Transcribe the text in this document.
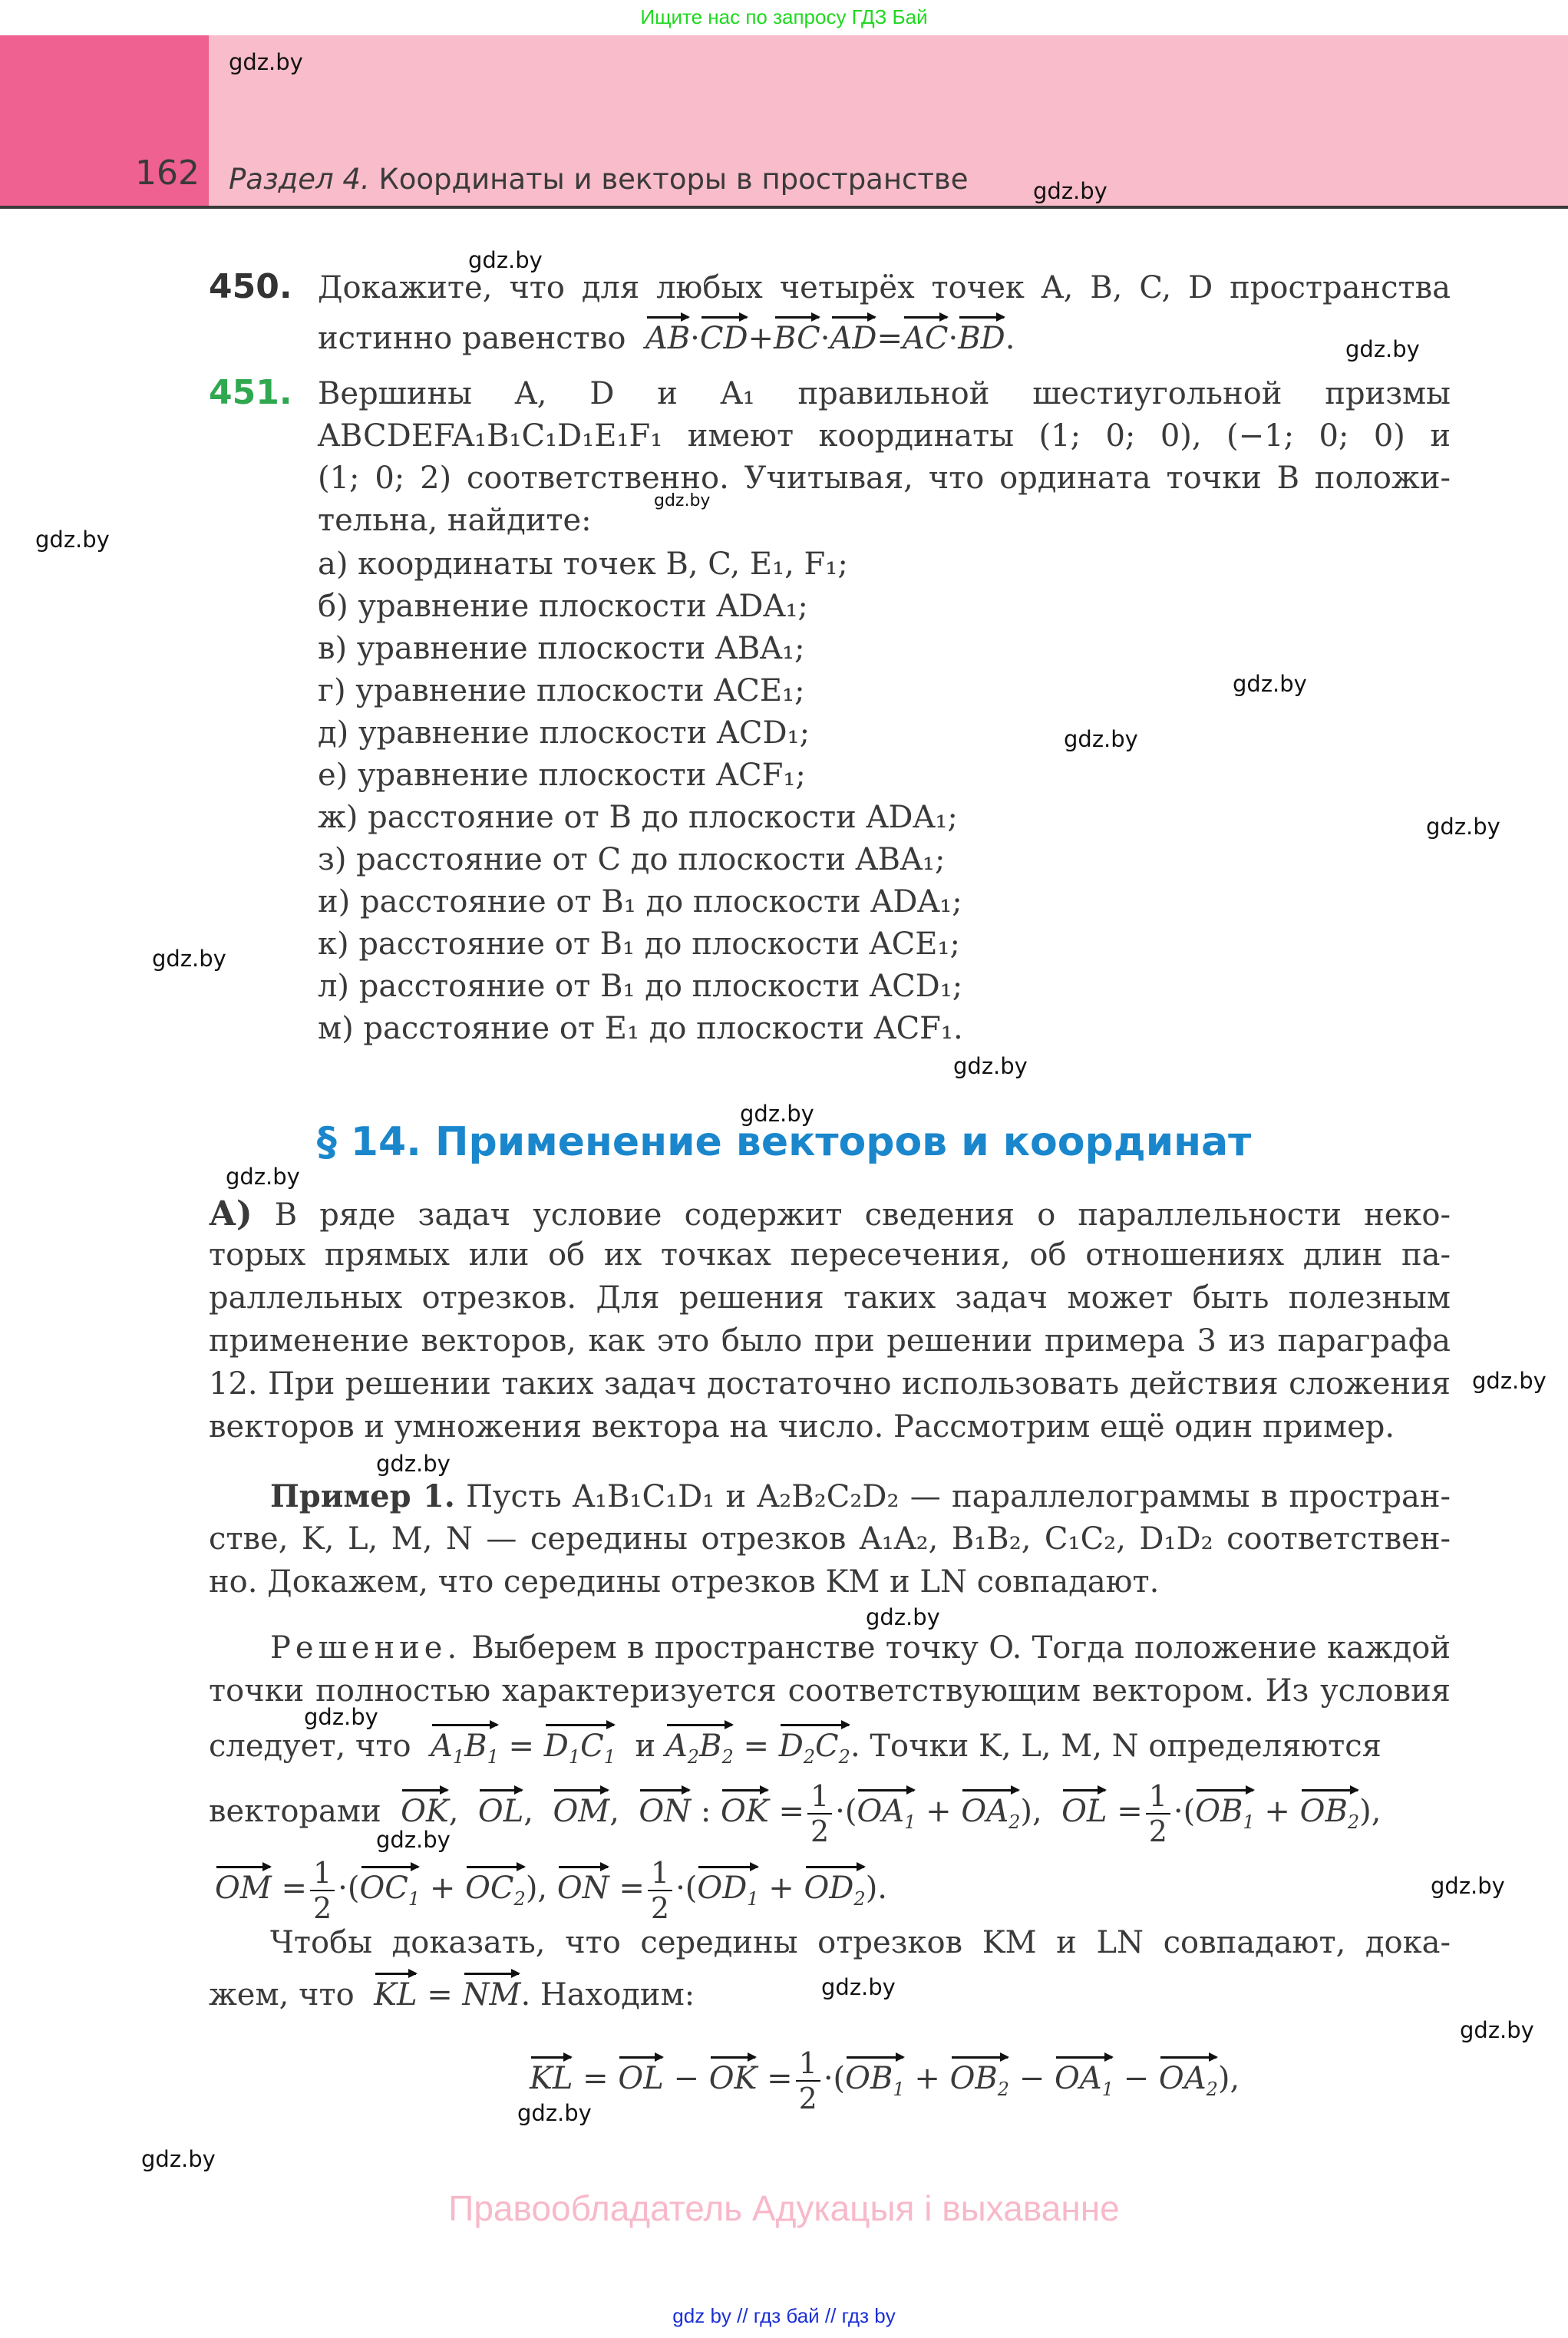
Ищите нас по запросу ГДЗ Бай
162 Раздел 4. Координаты и векторы в пространстве
gdz.by
gdz.by
gdz.by
gdz.by
gdz.by
gdz.by
gdz.by
gdz.by
gdz.by
gdz.by
gdz.by
gdz.by
gdz.by
gdz.by
gdz.by
gdz.by
gdz.by
gdz.by
gdz.by
gdz.by
gdz.by
gdz.by
gdz.by
450. Докажите, что для любых четырёх точек A, B, C, D пространства
истинно равенство AB·CD+BC·AD=AC·BD.
451. Вершины A, D и A₁ правильной шестиугольной призмы
ABCDEFA₁B₁C₁D₁E₁F₁ имеют координаты (1; 0; 0), (−1; 0; 0) и
(1; 0; 2) соответственно. Учитывая, что ордината точки B положи-
тельна, найдите:
а) координаты точек B, C, E₁, F₁;
б) уравнение плоскости ADA₁;
в) уравнение плоскости ABA₁;
г) уравнение плоскости ACE₁;
д) уравнение плоскости ACD₁;
е) уравнение плоскости ACF₁;
ж) расстояние от B до плоскости ADA₁;
з) расстояние от C до плоскости ABA₁;
и) расстояние от B₁ до плоскости ADA₁;
к) расстояние от B₁ до плоскости ACE₁;
л) расстояние от B₁ до плоскости ACD₁;
м) расстояние от E₁ до плоскости ACF₁.
§ 14. Применение векторов и координат
А) В ряде задач условие содержит сведения о параллельности неко-
торых прямых или об их точках пересечения, об отношениях длин па-
раллельных отрезков. Для решения таких задач может быть полезным
применение векторов, как это было при решении примера 3 из параграфа
12. При решении таких задач достаточно использовать действия сложения
векторов и умножения вектора на число. Рассмотрим ещё один пример.
Пример 1. Пусть A₁B₁C₁D₁ и A₂B₂C₂D₂ — параллелограммы в простран-
стве, K, L, M, N — середины отрезков A₁A₂, B₁B₂, C₁C₂, D₁D₂ соответствен-
но. Докажем, что середины отрезков KM и LN совпадают.
Решение. Выберем в пространстве точку O. Тогда положение каждой
точки полностью характеризуется соответствующим вектором. Из условия
следует, что $A_1B_1 = D_1C_1$ и $A_2B_2 = D_2C_2$. Точки K, L, M, N определяются
векторами OK,  OL,  OM,  ON : OK = $\frac{1}{2} \cdot(OA_1 + OA_2)$,  OL = $\frac{1}{2} \cdot(OB_1 + OB_2)$,
OM = $\frac{1}{2} \cdot(OC_1 + OC_2)$, ON = $\frac{1}{2} \cdot(OD_1 + OD_2)$.
Чтобы доказать, что середины отрезков KM и LN совпадают, дока-
жем, что KL = NM. Находим:
KL = OL − OK = $\frac{1}{2} \cdot(OB_1 + OB_2 - OA_1 - OA_2)$,
Правообладатель Адукацыя і выхаванне
gdz by // гдз бай // гдз by
